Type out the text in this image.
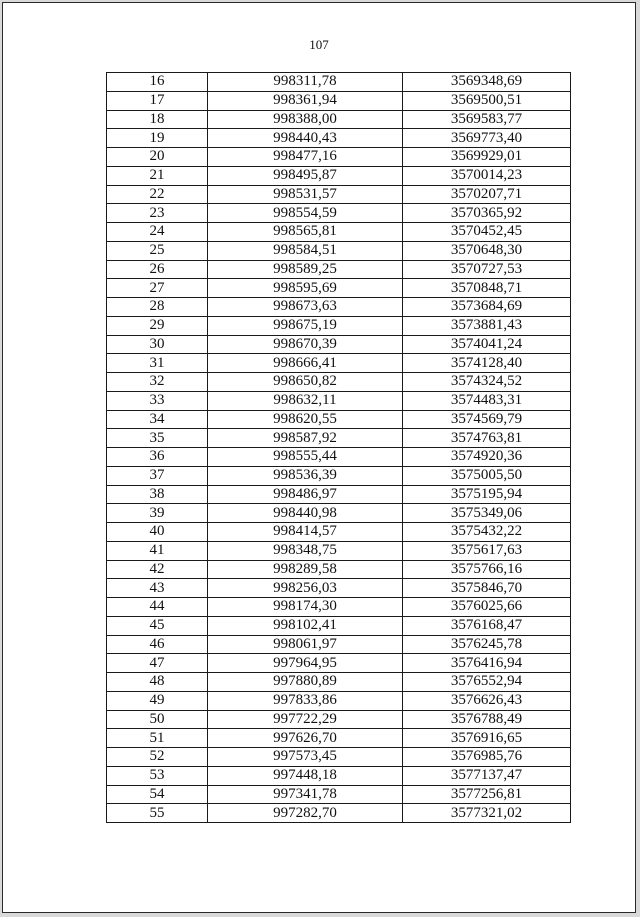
107
16	998311,78	3569348,69
17	998361,94	3569500,51
18	998388,00	3569583,77
19	998440,43	3569773,40
20	998477,16	3569929,01
21	998495,87	3570014,23
22	998531,57	3570207,71
23	998554,59	3570365,92
24	998565,81	3570452,45
25	998584,51	3570648,30
26	998589,25	3570727,53
27	998595,69	3570848,71
28	998673,63	3573684,69
29	998675,19	3573881,43
30	998670,39	3574041,24
31	998666,41	3574128,40
32	998650,82	3574324,52
33	998632,11	3574483,31
34	998620,55	3574569,79
35	998587,92	3574763,81
36	998555,44	3574920,36
37	998536,39	3575005,50
38	998486,97	3575195,94
39	998440,98	3575349,06
40	998414,57	3575432,22
41	998348,75	3575617,63
42	998289,58	3575766,16
43	998256,03	3575846,70
44	998174,30	3576025,66
45	998102,41	3576168,47
46	998061,97	3576245,78
47	997964,95	3576416,94
48	997880,89	3576552,94
49	997833,86	3576626,43
50	997722,29	3576788,49
51	997626,70	3576916,65
52	997573,45	3576985,76
53	997448,18	3577137,47
54	997341,78	3577256,81
55	997282,70	3577321,02
